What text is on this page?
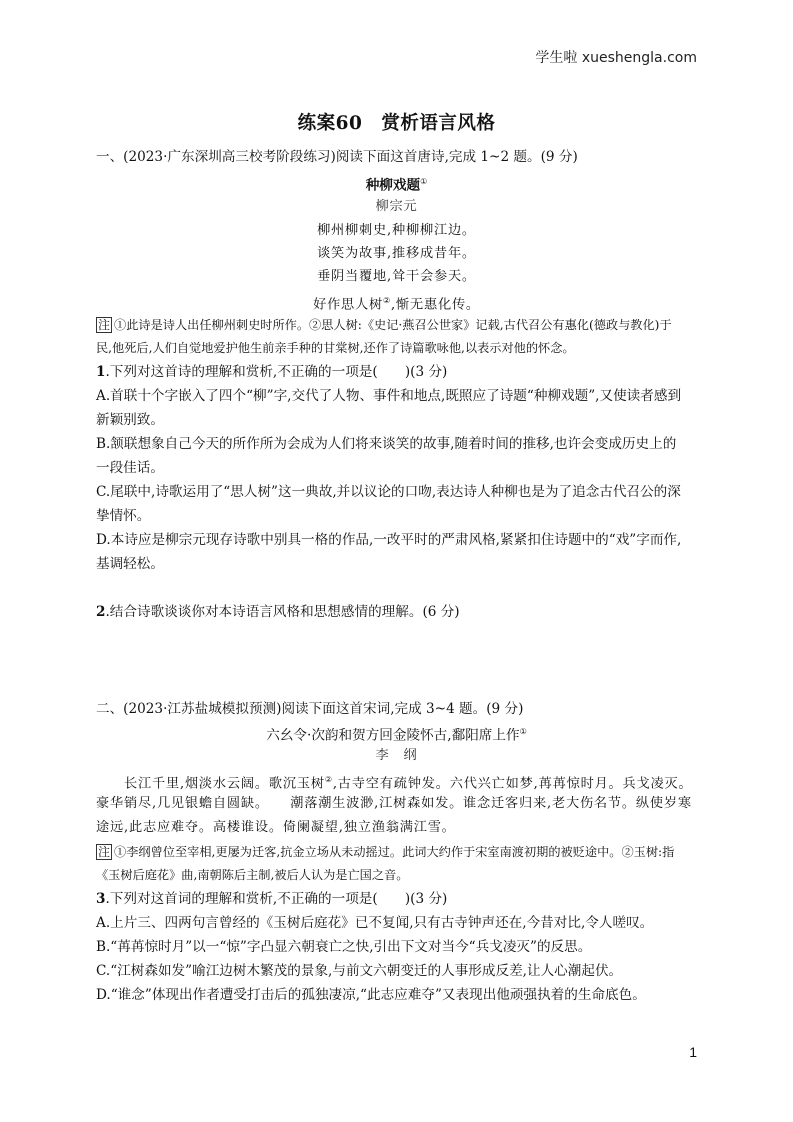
学生啦 xueshengla.com
练案60　赏析语言风格
一、(2023·广东深圳高三校考阶段练习)阅读下面这首唐诗,完成 1~2 题。(9 分)
种柳戏题①
柳宗元
柳州柳刺史,种柳柳江边。
谈笑为故事,推移成昔年。
垂阴当覆地,耸干会参天。
好作思人树②,惭无惠化传。
注 ①此诗是诗人出任柳州刺史时所作。②思人树:《史记·燕召公世家》记载,古代召公有惠化(德政与教化)于
民,他死后,人们自觉地爱护他生前亲手种的甘棠树,还作了诗篇歌咏他,以表示对他的怀念。
1.下列对这首诗的理解和赏析,不正确的一项是(　　)(3 分)
A.首联十个字嵌入了四个“柳”字,交代了人物、事件和地点,既照应了诗题“种柳戏题”,又使读者感到
新颖别致。
B.颔联想象自己今天的所作所为会成为人们将来谈笑的故事,随着时间的推移,也许会变成历史上的
一段佳话。
C.尾联中,诗歌运用了“思人树”这一典故,并以议论的口吻,表达诗人种柳也是为了追念古代召公的深
挚情怀。
D.本诗应是柳宗元现存诗歌中别具一格的作品,一改平时的严肃风格,紧紧扣住诗题中的“戏”字而作,
基调轻松。
2.结合诗歌谈谈你对本诗语言风格和思想感情的理解。(6 分)
二、(2023·江苏盐城模拟预测)阅读下面这首宋词,完成 3~4 题。(9 分)
六幺令·次韵和贺方回金陵怀古,鄱阳席上作①
李　纲
长江千里,烟淡水云阔。歌沉玉树②,古寺空有疏钟发。六代兴亡如梦,苒苒惊时月。兵戈凌灭。
豪华销尽,几见银蟾自圆缺。　　潮落潮生波渺,江树森如发。谁念迁客归来,老大伤名节。纵使岁寒
途远,此志应难夺。高楼谁设。倚阑凝望,独立渔翁满江雪。
注 ①李纲曾位至宰相,更屡为迁客,抗金立场从未动摇过。此词大约作于宋室南渡初期的被贬途中。②玉树:指
《玉树后庭花》曲,南朝陈后主制,被后人认为是亡国之音。
3.下列对这首词的理解和赏析,不正确的一项是(　　)(3 分)
A.上片三、四两句言曾经的《玉树后庭花》已不复闻,只有古寺钟声还在,今昔对比,令人嗟叹。
B.“苒苒惊时月”以一“惊”字凸显六朝衰亡之快,引出下文对当今“兵戈凌灭”的反思。
C.“江树森如发”喻江边树木繁茂的景象,与前文六朝变迁的人事形成反差,让人心潮起伏。
D.“谁念”体现出作者遭受打击后的孤独凄凉,“此志应难夺”又表现出他顽强执着的生命底色。
1
